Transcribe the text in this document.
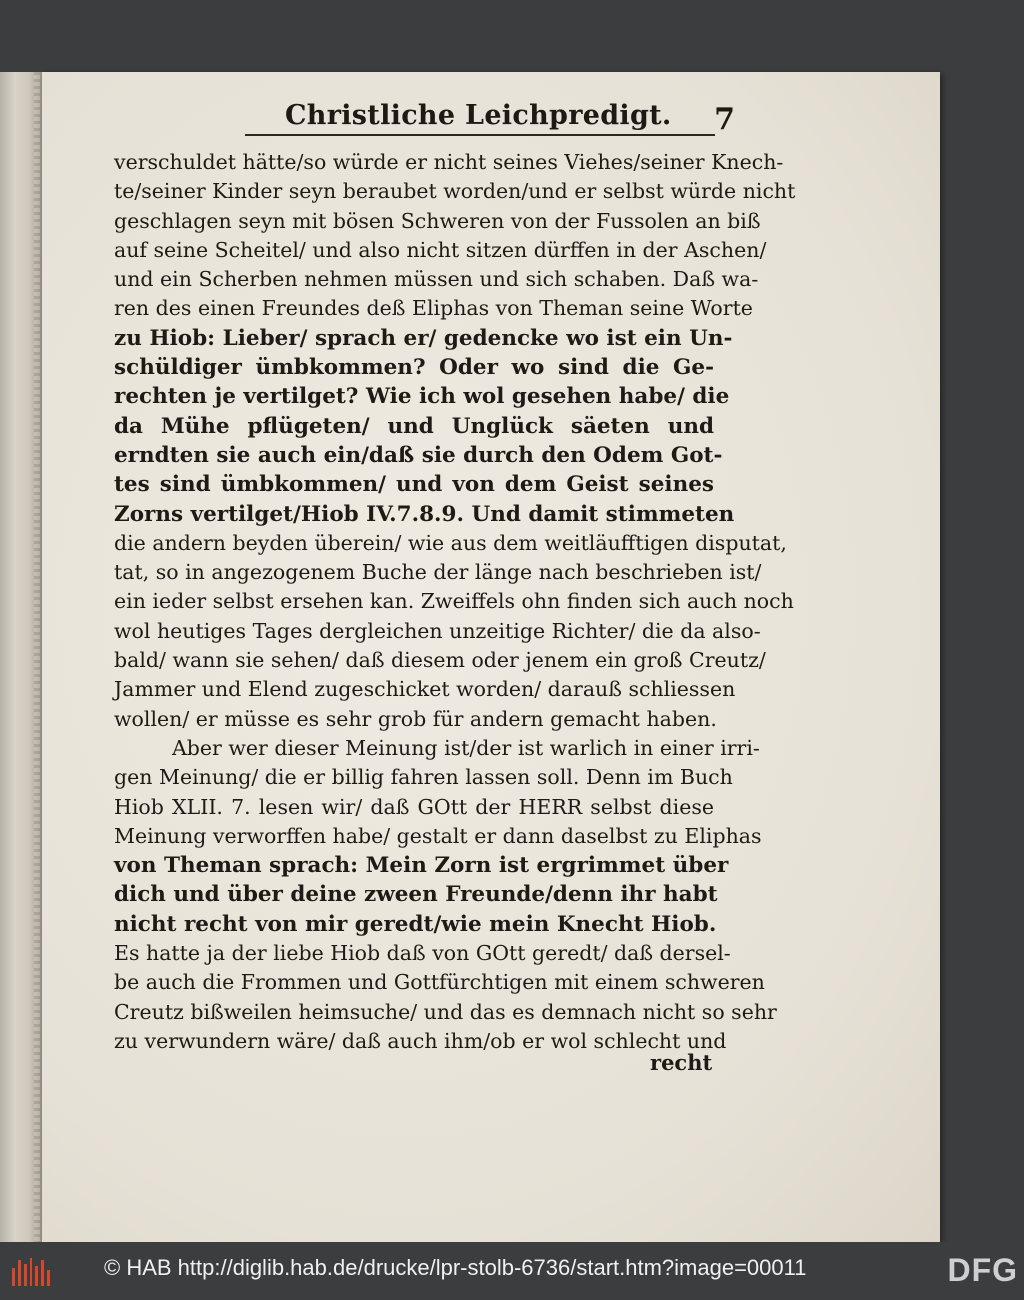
Christliche Leichpredigt. 7
verschuldet hätte/so würde er nicht seines Viehes/seiner Knech-
te/seiner Kinder seyn beraubet worden/und er selbst würde nicht
geschlagen seyn mit bösen Schweren von der Fussolen an biß
auf seine Scheitel/ und also nicht sitzen dürffen in der Aschen/
und ein Scherben nehmen müssen und sich schaben. Daß wa-
ren des einen Freundes deß Eliphas von Theman seine Worte
zu Hiob: Lieber/ sprach er/ gedencke wo ist ein Un-
schüldiger ümbkommen? Oder wo sind die Ge-
rechten je vertilget? Wie ich wol gesehen habe/ die
da Mühe pflügeten/ und Unglück säeten und
erndten sie auch ein/daß sie durch den Odem Got-
tes sind ümbkommen/ und von dem Geist seines
Zorns vertilget/Hiob IV.7.8.9. Und damit stimmeten
die andern beyden überein/ wie aus dem weitläufftigen disputat,
tat, so in angezogenem Buche der länge nach beschrieben ist/
ein ieder selbst ersehen kan. Zweiffels ohn finden sich auch noch
wol heutiges Tages dergleichen unzeitige Richter/ die da also-
bald/ wann sie sehen/ daß diesem oder jenem ein groß Creutz/
Jammer und Elend zugeschicket worden/ darauß schliessen
wollen/ er müsse es sehr grob für andern gemacht haben.
Aber wer dieser Meinung ist/der ist warlich in einer irri-
gen Meinung/ die er billig fahren lassen soll. Denn im Buch
Hiob XLII. 7. lesen wir/ daß GOtt der HERR selbst diese
Meinung verworffen habe/ gestalt er dann daselbst zu Eliphas
von Theman sprach: Mein Zorn ist ergrimmet über
dich und über deine zween Freunde/denn ihr habt
nicht recht von mir geredt/wie mein Knecht Hiob.
Es hatte ja der liebe Hiob daß von GOtt geredt/ daß dersel-
be auch die Frommen und Gottfürchtigen mit einem schweren
Creutz bißweilen heimsuche/ und das es demnach nicht so sehr
zu verwundern wäre/ daß auch ihm/ob er wol schlecht und
recht
© HAB http://diglib.hab.de/drucke/lpr-stolb-6736/start.htm?image=00011	DFG
